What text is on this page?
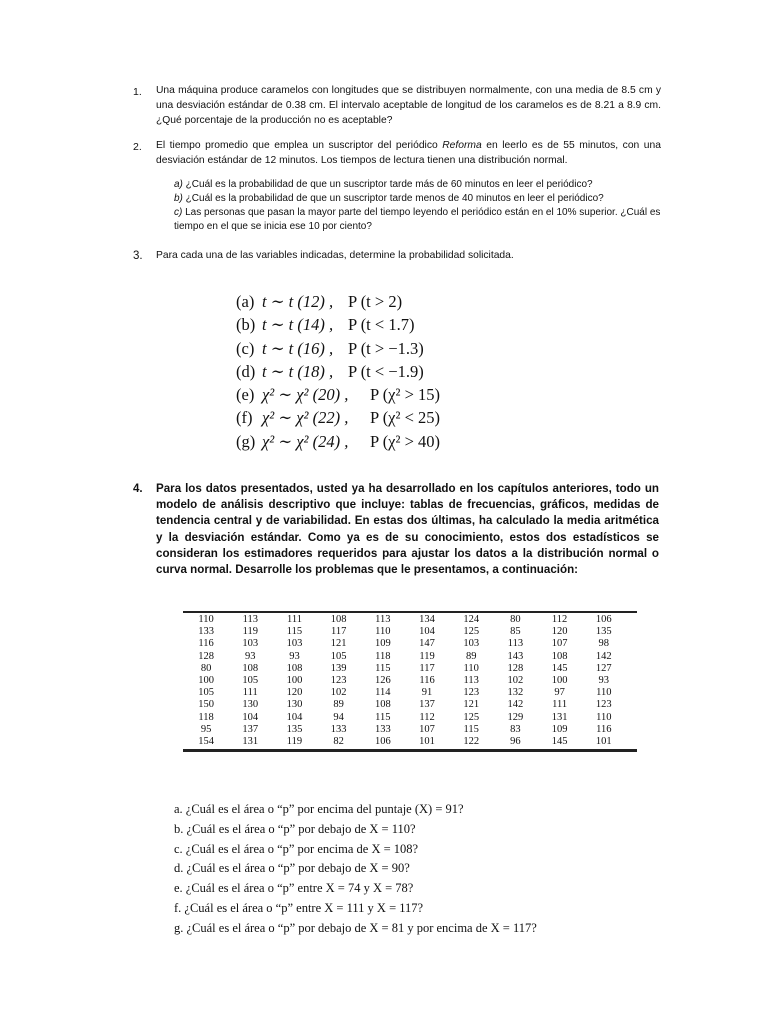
1. Una máquina produce caramelos con longitudes que se distribuyen normalmente, con una media de 8.5 cm y una desviación estándar de 0.38 cm. El intervalo aceptable de longitud de los caramelos es de 8.21 a 8.9 cm. ¿Qué porcentaje de la producción no es aceptable?
2. El tiempo promedio que emplea un suscriptor del periódico Reforma en leerlo es de 55 minutos, con una desviación estándar de 12 minutos. Los tiempos de lectura tienen una distribución normal.
a) ¿Cuál es la probabilidad de que un suscriptor tarde más de 60 minutos en leer el periódico?
b) ¿Cuál es la probabilidad de que un suscriptor tarde menos de 40 minutos en leer el periódico?
c) Las personas que pasan la mayor parte del tiempo leyendo el periódico están en el 10% superior. ¿Cuál es tiempo en el que se inicia ese 10 por ciento?
3. Para cada una de las variables indicadas, determine la probabilidad solicitada.
(a) t ∼ t (12) , P (t > 2)
(b) t ∼ t (14) , P (t < 1.7)
(c) t ∼ t (16) , P (t > −1.3)
(d) t ∼ t (18) , P (t < −1.9)
(e) χ² ∼ χ² (20) , P (χ² > 15)
(f) χ² ∼ χ² (22) , P (χ² < 25)
(g) χ² ∼ χ² (24) , P (χ² > 40)
4. Para los datos presentados, usted ya ha desarrollado en los capítulos anteriores, todo un modelo de análisis descriptivo que incluye: tablas de frecuencias, gráficos, medidas de tendencia central y de variabilidad. En estas dos últimas, ha calculado la media aritmética y la desviación estándar. Como ya es de su conocimiento, estos dos estadísticos se consideran los estimadores requeridos para ajustar los datos a la distribución normal o curva normal. Desarrolle los problemas que le presentamos, a continuación:
110	113	111	108	113	134	124	80	112	106
133	119	115	117	110	104	125	85	120	135
116	103	103	121	109	147	103	113	107	98
128	93	93	105	118	119	89	143	108	142
80	108	108	139	115	117	110	128	145	127
100	105	100	123	126	116	113	102	100	93
105	111	120	102	114	91	123	132	97	110
150	130	130	89	108	137	121	142	111	123
118	104	104	94	115	112	125	129	131	110
95	137	135	133	133	107	115	83	109	116
154	131	119	82	106	101	122	96	145	101
a. ¿Cuál es el área o “p” por encima del puntaje (X) = 91?
b. ¿Cuál es el área o “p” por debajo de X = 110?
c. ¿Cuál es el área o “p” por encima de X = 108?
d. ¿Cuál es el área o “p” por debajo de X = 90?
e. ¿Cuál es el área o “p” entre X = 74 y X = 78?
f. ¿Cuál es el área o “p” entre X = 111 y X = 117?
g. ¿Cuál es el área o “p” por debajo de X = 81 y por encima de X = 117?
